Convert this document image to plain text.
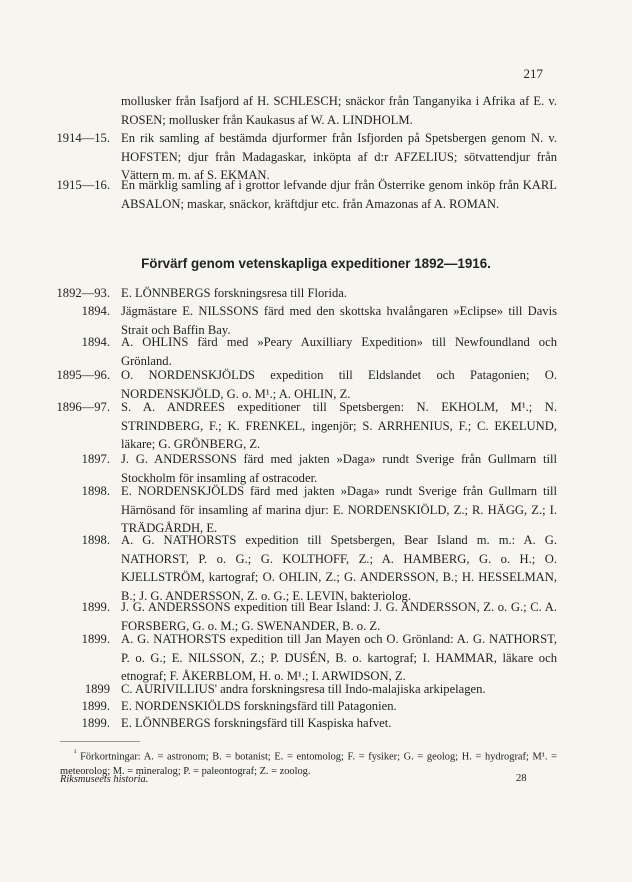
217
mollusker från Isafjord af H. SCHLESCH; snäckor från Tanganyika i Afrika af E. v. ROSEN; mollusker från Kaukasus af W. A. LINDHOLM.
1914—15. En rik samling af bestämda djurformer från Isfjorden på Spetsbergen genom N. v. HOFSTEN; djur från Madagaskar, inköpta af d:r AFZELIUS; sötvattendjur från Vättern m. m. af S. EKMAN.
1915—16. En märklig samling af i grottor lefvande djur från Österrike genom inköp från KARL ABSALON; maskar, snäckor, kräftdjur etc. från Amazonas af A. ROMAN.
Förvärf genom vetenskapliga expeditioner 1892—1916.
1892—93. E. LÖNNBERGS forskningsresa till Florida.
1894. Jägmästare E. NILSSONS färd med den skottska hvalångaren »Eclipse» till Davis Strait och Baffin Bay.
1894. A. OHLINS färd med »Peary Auxilliary Expedition» till Newfoundland och Grönland.
1895—96. O. NORDENSKJÖLDS expedition till Eldslandet och Patagonien; O. NORDENSKJÖLD, G. o. M¹.; A. OHLIN, Z.
1896—97. S. A. ANDREES expeditioner till Spetsbergen: N. EKHOLM, M¹.; N. STRINDBERG, F.; K. FRENKEL, ingenjör; S. ARRHENIUS, F.; C. EKELUND, läkare; G. GRÖNBERG, Z.
1897. J. G. ANDERSSONS färd med jakten »Daga» rundt Sverige från Gullmarn till Stockholm för insamling af ostracoder.
1898. E. NORDENSKJÖLDS färd med jakten »Daga» rundt Sverige från Gullmarn till Härnösand för insamling af marina djur: E. NORDENSKIÖLD, Z.; R. HÄGG, Z.; I. TRÄDGÅRDH, E.
1898. A. G. NATHORSTS expedition till Spetsbergen, Bear Island m. m.: A. G. NATHORST, P. o. G.; G. KOLTHOFF, Z.; A. HAMBERG, G. o. H.; O. KJELLSTRÖM, kartograf; O. OHLIN, Z.; G. ANDERSSON, B.; H. HESSELMAN, B.; J. G. ANDERSSON, Z. o. G.; E. LEVIN, bakteriolog.
1899. J. G. ANDERSSONS expedition till Bear Island: J. G. ANDERSSON, Z. o. G.; C. A. FORSBERG, G. o. M.; G. SWENANDER, B. o. Z.
1899. A. G. NATHORSTS expedition till Jan Mayen och O. Grönland: A. G. NATHORST, P. o. G.; E. NILSSON, Z.; P. DUSÉN, B. o. kartograf; I. HAMMAR, läkare och etnograf; F. ÅKERBLOM, H. o. M¹.; I. ARWIDSON, Z.
1899 C. AURIVILLIUS' andra forskningsresa till Indo-malajiska arkipelagen.
1899. E. NORDENSKIÖLDS forskningsfärd till Patagonien.
1899. E. LÖNNBERGS forskningsfärd till Kaspiska hafvet.
$^{^1}$ Förkortningar: A. = astronom; B. = botanist; E. = entomolog; F. = fysiker; G. = geolog; H. = hydrograf; M¹. = meteorolog; M. = mineralog; P. = paleontograf; Z. = zoolog.
Riksmuseets historia.	28
